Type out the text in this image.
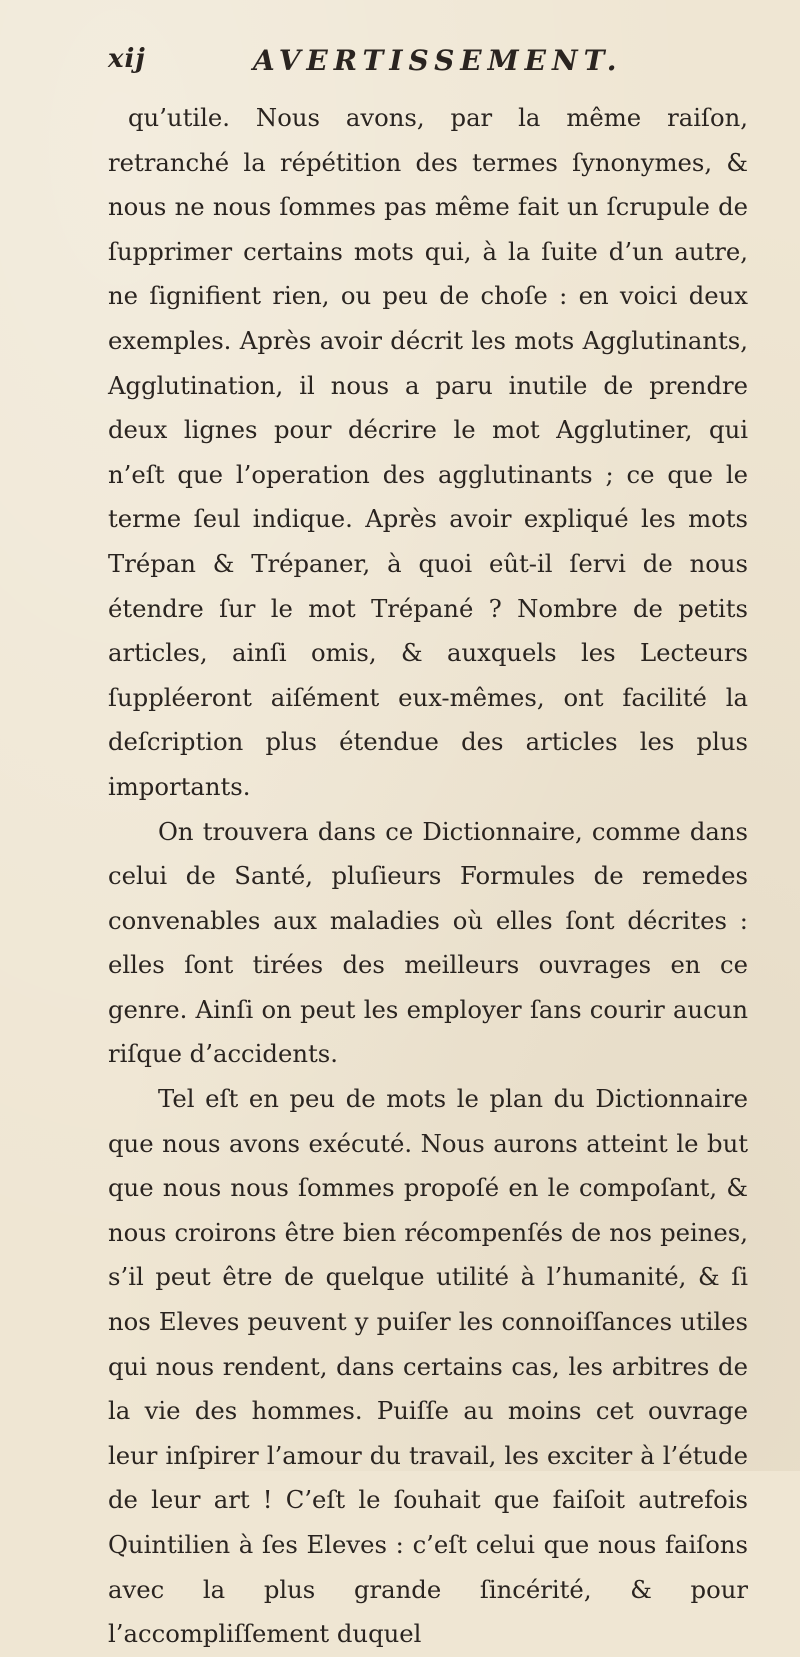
xij	AVERTISSEMENT.

qu’utile. Nous avons, par la même raiſon, retranché la répétition des termes ſynonymes, & nous ne nous ſommes pas même fait un ſcrupule de ſupprimer certains mots qui, à la ſuite d’un autre, ne ſignifient rien, ou peu de choſe : en voici deux exemples. Après avoir décrit les mots Agglutinants, Agglutination, il nous a paru inutile de prendre deux lignes pour décrire le mot Agglutiner, qui n’eſt que l’operation des agglutinants ; ce que le terme ſeul indique. Après avoir expliqué les mots Trépan & Trépaner, à quoi eût-il ſervi de nous étendre ſur le mot Trépané ? Nombre de petits articles, ainſi omis, & auxquels les Lecteurs ſuppléeront aiſément eux-mêmes, ont facilité la deſcription plus étendue des articles les plus importants.

On trouvera dans ce Dictionnaire, comme dans celui de Santé, pluſieurs Formules de remedes convenables aux maladies où elles ſont décrites : elles ſont tirées des meilleurs ouvrages en ce genre. Ainſi on peut les employer ſans courir aucun riſque d’accidents.

Tel eſt en peu de mots le plan du Dictionnaire que nous avons exécuté. Nous aurons atteint le but que nous nous ſommes propoſé en le compoſant, & nous croirons être bien récompenſés de nos peines, s’il peut être de quelque utilité à l’humanité, & ſi nos Eleves peuvent y puiſer les connoiſſances utiles qui nous rendent, dans certains cas, les arbitres de la vie des hommes. Puiſſe au moins cet ouvrage leur inſpirer l’amour du travail, les exciter à l’étude de leur art ! C’eſt le ſouhait que faiſoit autrefois Quintilien à ſes Eleves : c’eſt celui que nous faiſons avec la plus grande ſincérité, & pour l’accompliſſement duquel
